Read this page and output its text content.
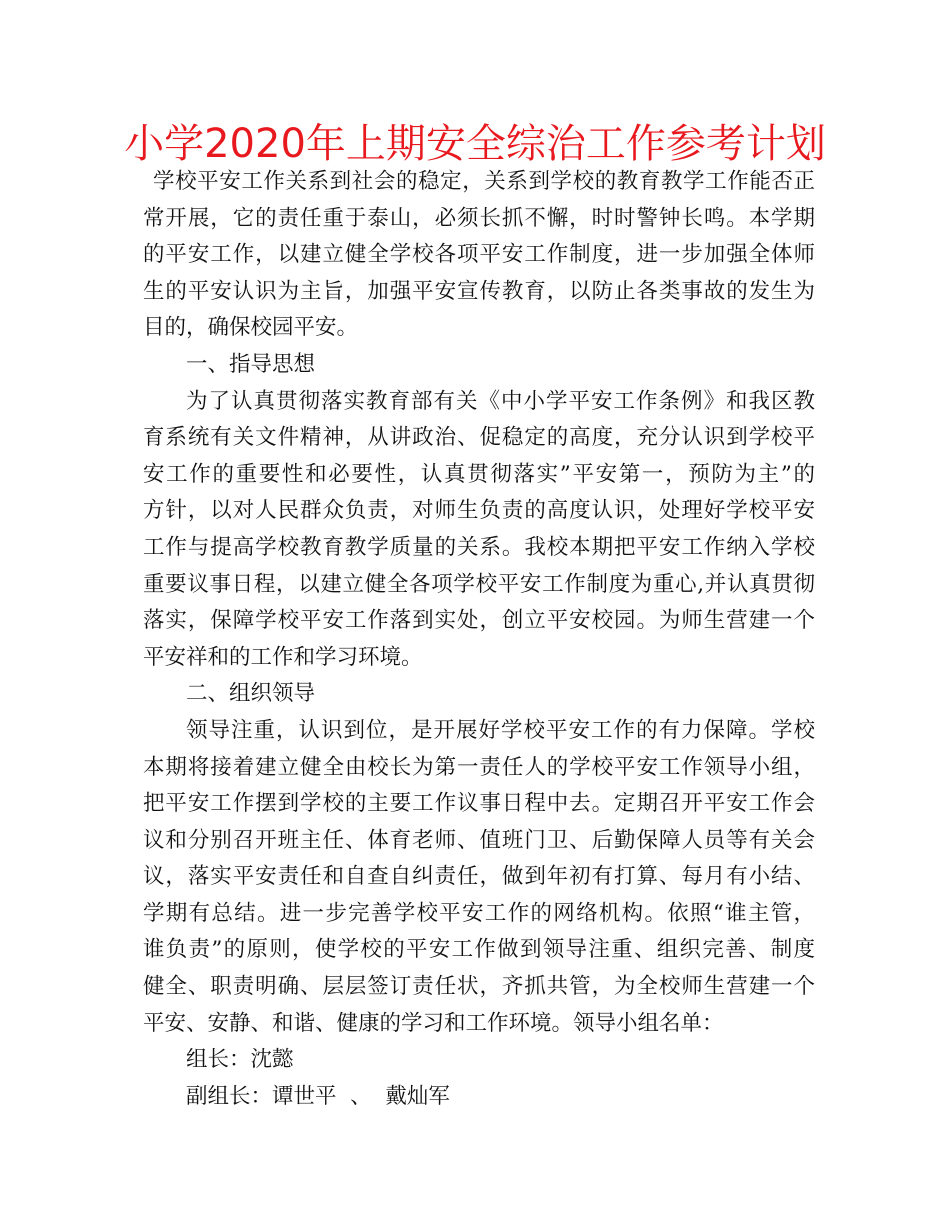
小学2020年上期安全综治工作参考计划

学校平安工作关系到社会的稳定，关系到学校的教育教学工作能否正
常开展，它的责任重于泰山，必须长抓不懈，时时警钟长鸣。本学期
的平安工作，以建立健全学校各项平安工作制度，进一步加强全体师
生的平安认识为主旨，加强平安宣传教育，以防止各类事故的发生为
目的，确保校园平安。

一、指导思想

为了认真贯彻落实教育部有关《中小学平安工作条例》和我区教
育系统有关文件精神，从讲政治、促稳定的高度，充分认识到学校平
安工作的重要性和必要性，认真贯彻落实”平安第一，预防为主”的
方针，以对人民群众负责，对师生负责的高度认识，处理好学校平安
工作与提高学校教育教学质量的关系。我校本期把平安工作纳入学校
重要议事日程，以建立健全各项学校平安工作制度为重心,并认真贯彻
落实，保障学校平安工作落到实处，创立平安校园。为师生营建一个
平安祥和的工作和学习环境。

二、组织领导

领导注重，认识到位，是开展好学校平安工作的有力保障。学校
本期将接着建立健全由校长为第一责任人的学校平安工作领导小组，
把平安工作摆到学校的主要工作议事日程中去。定期召开平安工作会
议和分别召开班主任、体育老师、值班门卫、后勤保障人员等有关会
议，落实平安责任和自查自纠责任，做到年初有打算、每月有小结、
学期有总结。进一步完善学校平安工作的网络机构。依照“谁主管，
谁负责”的原则，使学校的平安工作做到领导注重、组织完善、制度
健全、职责明确、层层签订责任状，齐抓共管，为全校师生营建一个
平安、安静、和谐、健康的学习和工作环境。领导小组名单：

组长：沈懿

副组长：谭世平  、  戴灿军
